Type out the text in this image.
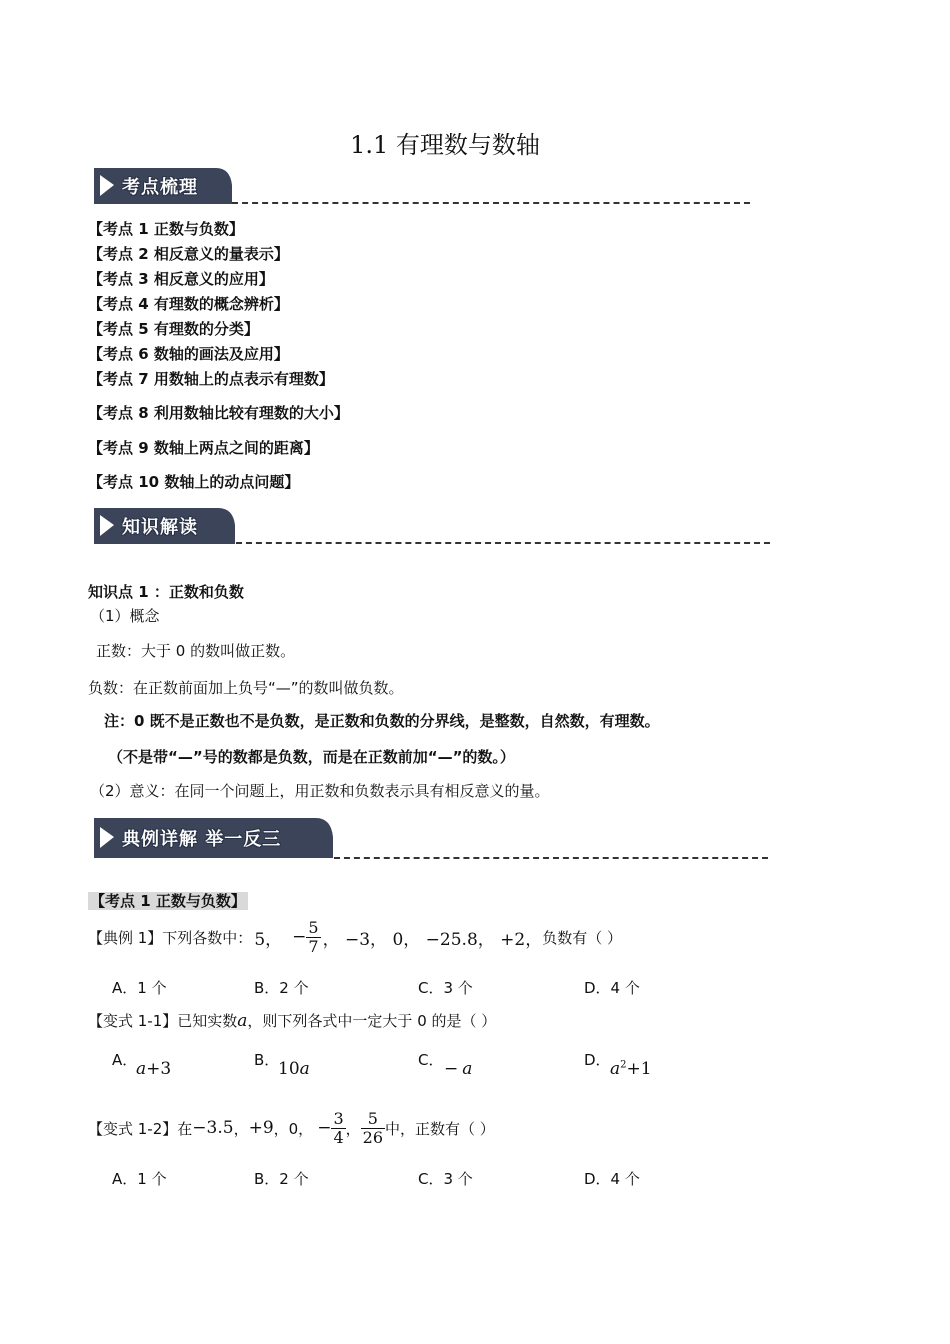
1.1 有理数与数轴
考点梳理
【考点 1 正数与负数】
【考点 2 相反意义的量表示】
【考点 3 相反意义的应用】
【考点 4 有理数的概念辨析】
【考点 5 有理数的分类】
【考点 6 数轴的画法及应用】
【考点 7 用数轴上的点表示有理数】
【考点 8 利用数轴比较有理数的大小】
【考点 9 数轴上两点之间的距离】
【考点 10 数轴上的动点问题】
知识解读
知识点 1 ：正数和负数
（1）概念
正数：大于 0 的数叫做正数。
负数：在正数前面加上负号“—”的数叫做负数。
注：0 既不是正数也不是负数，是正数和负数的分界线，是整数，自然数，有理数。
（不是带“—”号的数都是负数，而是在正数前加“—”的数。）
（2）意义：在同一个问题上，用正数和负数表示具有相反意义的量。
典例详解 举一反三
【考点 1 正数与负数】
【典例 1】下列各数中： 5， − $\frac{5}{7}$ ， −3， 0， −25.8， +2， 负数有（ ）
A．1 个	B．2 个	C．3 个	D．4 个
【变式 1-1】已知实数a，则下列各式中一定大于 0 的是（ ）
A．
a+3	B．
10a	C． − a	D． $a^2+1$
【变式 1-2】在 −3.5 ， +9 ，0， − $\frac{3}{4}$ ， $\frac{5}{26}$ 中，正数有（ ）
A．1 个	B．2 个	C．3 个	D．4 个
